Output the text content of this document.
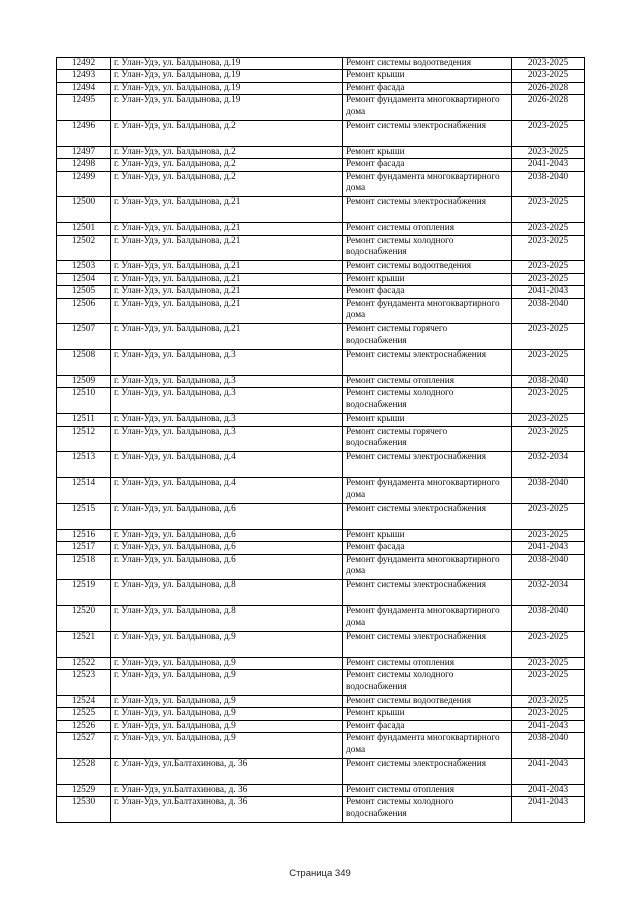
12492	г. Улан-Удэ, ул. Балдынова, д.19	Ремонт системы водоотведения	2023-2025
12493	г. Улан-Удэ, ул. Балдынова, д.19	Ремонт крыши	2023-2025
12494	г. Улан-Удэ, ул. Балдынова, д.19	Ремонт фасада	2026-2028
12495	г. Улан-Удэ, ул. Балдынова, д.19	Ремонт фундамента многоквартирного дома	2026-2028
12496	г. Улан-Удэ, ул. Балдынова, д.2	Ремонт системы электроснабжения	2023-2025
12497	г. Улан-Удэ, ул. Балдынова, д.2	Ремонт крыши	2023-2025
12498	г. Улан-Удэ, ул. Балдынова, д.2	Ремонт фасада	2041-2043
12499	г. Улан-Удэ, ул. Балдынова, д.2	Ремонт фундамента многоквартирного дома	2038-2040
12500	г. Улан-Удэ, ул. Балдынова, д.21	Ремонт системы электроснабжения	2023-2025
12501	г. Улан-Удэ, ул. Балдынова, д.21	Ремонт системы отопления	2023-2025
12502	г. Улан-Удэ, ул. Балдынова, д.21	Ремонт системы холодного водоснабжения	2023-2025
12503	г. Улан-Удэ, ул. Балдынова, д.21	Ремонт системы водоотведения	2023-2025
12504	г. Улан-Удэ, ул. Балдынова, д.21	Ремонт крыши	2023-2025
12505	г. Улан-Удэ, ул. Балдынова, д.21	Ремонт фасада	2041-2043
12506	г. Улан-Удэ, ул. Балдынова, д.21	Ремонт фундамента многоквартирного дома	2038-2040
12507	г. Улан-Удэ, ул. Балдынова, д.21	Ремонт системы горячего водоснабжения	2023-2025
12508	г. Улан-Удэ, ул. Балдынова, д.3	Ремонт системы электроснабжения	2023-2025
12509	г. Улан-Удэ, ул. Балдынова, д.3	Ремонт системы отопления	2038-2040
12510	г. Улан-Удэ, ул. Балдынова, д.3	Ремонт системы холодного водоснабжения	2023-2025
12511	г. Улан-Удэ, ул. Балдынова, д.3	Ремонт крыши	2023-2025
12512	г. Улан-Удэ, ул. Балдынова, д.3	Ремонт системы горячего водоснабжения	2023-2025
12513	г. Улан-Удэ, ул. Балдынова, д.4	Ремонт системы электроснабжения	2032-2034
12514	г. Улан-Удэ, ул. Балдынова, д.4	Ремонт фундамента многоквартирного дома	2038-2040
12515	г. Улан-Удэ, ул. Балдынова, д.6	Ремонт системы электроснабжения	2023-2025
12516	г. Улан-Удэ, ул. Балдынова, д.6	Ремонт крыши	2023-2025
12517	г. Улан-Удэ, ул. Балдынова, д.6	Ремонт фасада	2041-2043
12518	г. Улан-Удэ, ул. Балдынова, д.6	Ремонт фундамента многоквартирного дома	2038-2040
12519	г. Улан-Удэ, ул. Балдынова, д.8	Ремонт системы электроснабжения	2032-2034
12520	г. Улан-Удэ, ул. Балдынова, д.8	Ремонт фундамента многоквартирного дома	2038-2040
12521	г. Улан-Удэ, ул. Балдынова, д.9	Ремонт системы электроснабжения	2023-2025
12522	г. Улан-Удэ, ул. Балдынова, д.9	Ремонт системы отопления	2023-2025
12523	г. Улан-Удэ, ул. Балдынова, д.9	Ремонт системы холодного водоснабжения	2023-2025
12524	г. Улан-Удэ, ул. Балдынова, д.9	Ремонт системы водоотведения	2023-2025
12525	г. Улан-Удэ, ул. Балдынова, д.9	Ремонт крыши	2023-2025
12526	г. Улан-Удэ, ул. Балдынова, д.9	Ремонт фасада	2041-2043
12527	г. Улан-Удэ, ул. Балдынова, д.9	Ремонт фундамента многоквартирного дома	2038-2040
12528	г. Улан-Удэ, ул.Балтахинова, д. 36	Ремонт системы электроснабжения	2041-2043
12529	г. Улан-Удэ, ул.Балтахинова, д. 36	Ремонт системы отопления	2041-2043
12530	г. Улан-Удэ, ул.Балтахинова, д. 36	Ремонт системы холодного водоснабжения	2041-2043
Страница 349
